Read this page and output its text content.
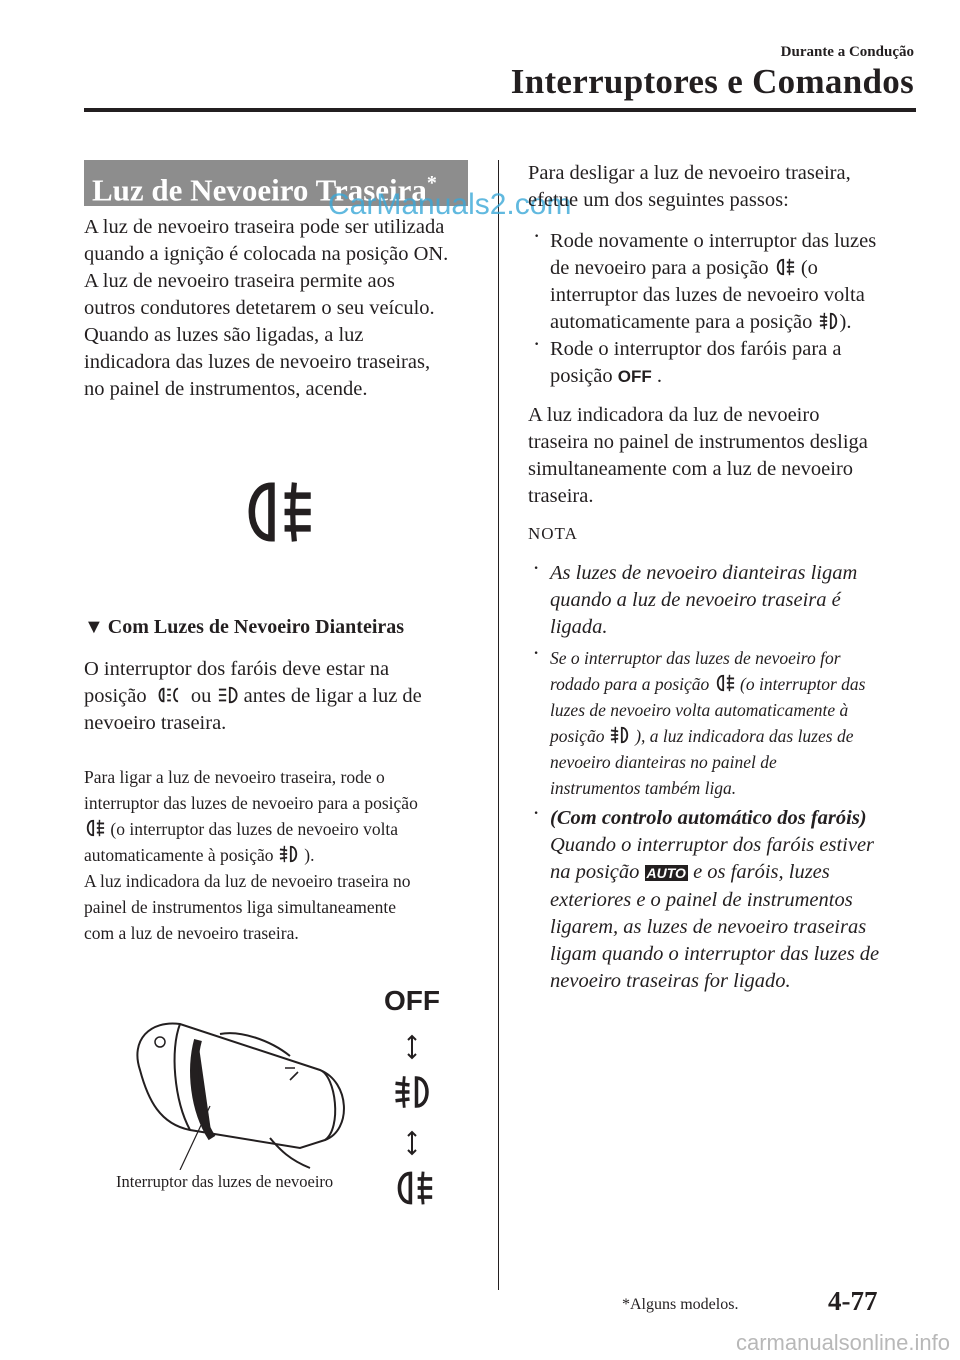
Durante a Condução
Interruptores e Comandos
Luz de Nevoeiro Traseira*
CarManuals2.com

A luz de nevoeiro traseira pode ser utilizada

quando a ignição é colocada na posição ON.

A luz de nevoeiro traseira permite aos

outros condutores detetarem o seu veículo.

Quando as luzes são ligadas, a luz

indicadora das luzes de nevoeiro traseiras,

no painel de instrumentos, acende.

▼ Com Luzes de Nevoeiro Dianteiras

O interruptor dos faróis deve estar na

posição ou antes de ligar a luz de

nevoeiro traseira.

Para ligar a luz de nevoeiro traseira, rode o

interruptor das luzes de nevoeiro para a posição

(o interruptor das luzes de nevoeiro volta

automaticamente à posição ).

A luz indicadora da luz de nevoeiro traseira no

painel de instrumentos liga simultaneamente

com a luz de nevoeiro traseira.

Interruptor das luzes de nevoeiro
OFF

Para desligar a luz de nevoeiro traseira,

efetue um dos seguintes passos:

· Rode novamente o interruptor das luzes

de nevoeiro para a posição (o

interruptor das luzes de nevoeiro volta

automaticamente para a posição ).

· Rode o interruptor dos faróis para a

posição OFF .

A luz indicadora da luz de nevoeiro

traseira no painel de instrumentos desliga

simultaneamente com a luz de nevoeiro

traseira.

NOTA

· As luzes de nevoeiro dianteiras ligam

quando a luz de nevoeiro traseira é

ligada.

· Se o interruptor das luzes de nevoeiro for

rodado para a posição (o interruptor das

luzes de nevoeiro volta automaticamente à

posição ), a luz indicadora das luzes de

nevoeiro dianteiras no painel de

instrumentos também liga.

· (Com controlo automático dos faróis)

Quando o interruptor dos faróis estiver

na posição AUTO e os faróis, luzes

exteriores e o painel de instrumentos

ligarem, as luzes de nevoeiro traseiras

ligam quando o interruptor das luzes de

nevoeiro traseiras for ligado.

*Alguns modelos.	4-77
carmanualsonline.info
